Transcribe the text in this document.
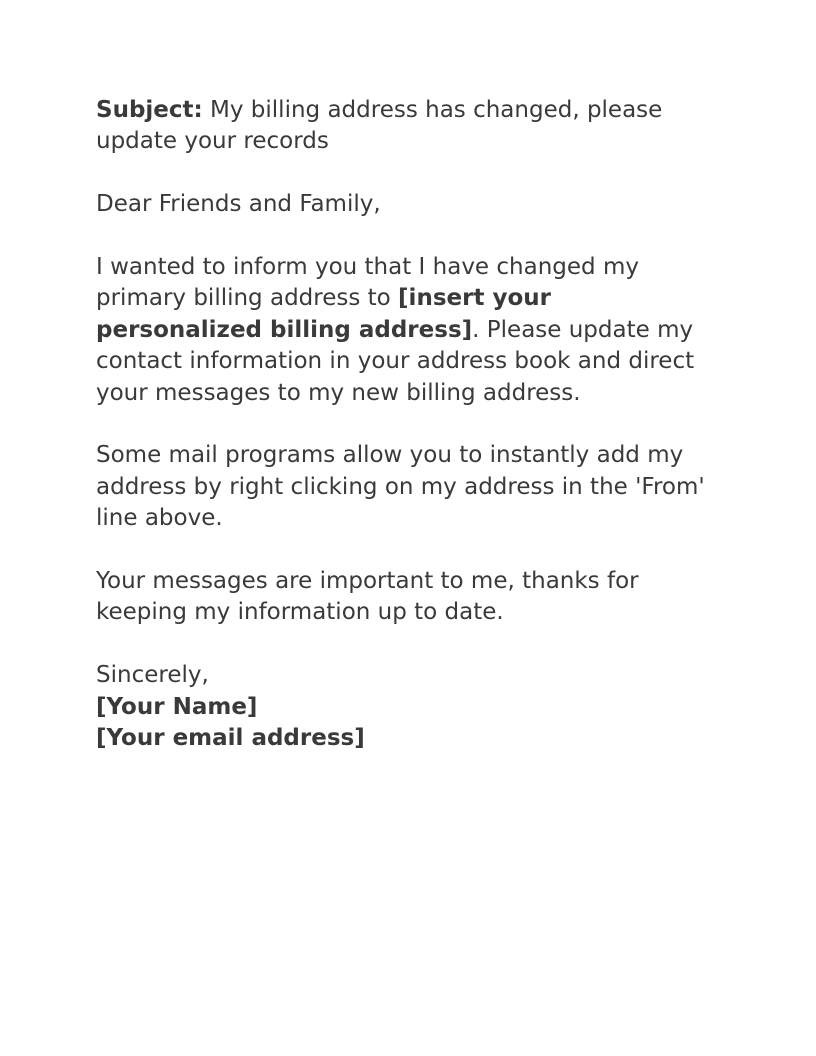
Subject: My billing address has changed, please update your records

Dear Friends and Family,

I wanted to inform you that I have changed my primary billing address to [insert your personalized billing address]. Please update my contact information in your address book and direct your messages to my new billing address.

Some mail programs allow you to instantly add my address by right clicking on my address in the 'From' line above.

Your messages are important to me, thanks for keeping my information up to date.

Sincerely,
[Your Name]
[Your email address]
